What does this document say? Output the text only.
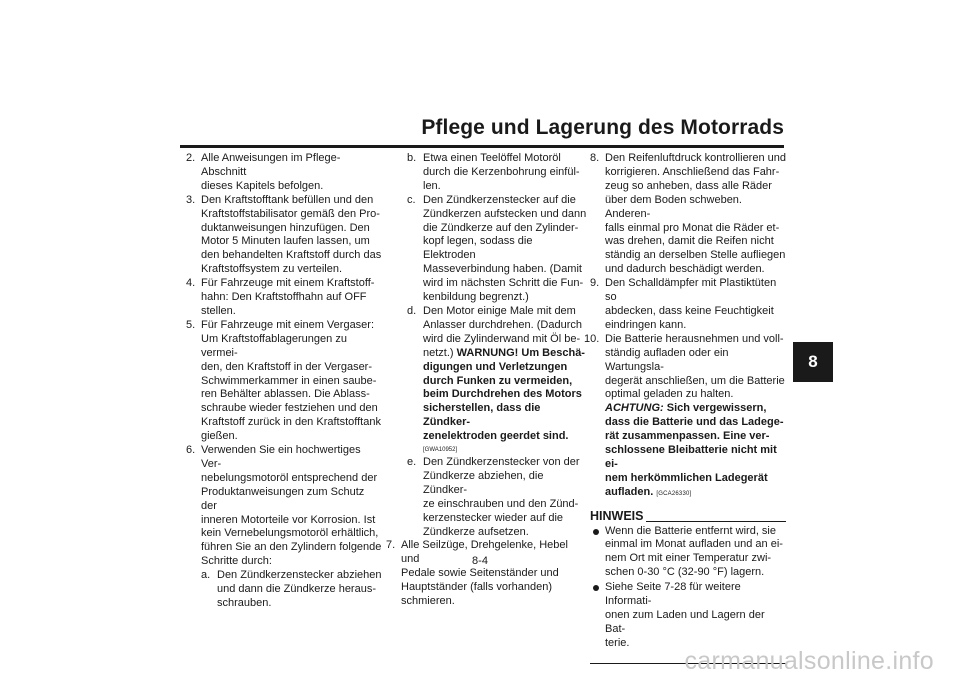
Pflege und Lagerung des Motorrads
8
2. Alle Anweisungen im Pflege-Abschnitt
dieses Kapitels befolgen.
3. Den Kraftstofftank befüllen und den
Kraftstoffstabilisator gemäß den Pro-
duktanweisungen hinzufügen. Den
Motor 5 Minuten laufen lassen, um
den behandelten Kraftstoff durch das
Kraftstoffsystem zu verteilen.
4. Für Fahrzeuge mit einem Kraftstoff-
hahn: Den Kraftstoffhahn auf OFF
stellen.
5. Für Fahrzeuge mit einem Vergaser:
Um Kraftstoffablagerungen zu vermei-
den, den Kraftstoff in der Vergaser-
Schwimmerkammer in einen saube-
ren Behälter ablassen. Die Ablass-
schraube wieder festziehen und den
Kraftstoff zurück in den Kraftstofftank
gießen.
6. Verwenden Sie ein hochwertiges Ver-
nebelungsmotoröl entsprechend der
Produktanweisungen zum Schutz der
inneren Motorteile vor Korrosion. Ist
kein Vernebelungsmotoröl erhältlich,
führen Sie an den Zylindern folgende
Schritte durch:
a. Den Zündkerzenstecker abziehen
und dann die Zündkerze heraus-
schrauben.
b. Etwa einen Teelöffel Motoröl
durch die Kerzenbohrung einfül-
len.
c. Den Zündkerzenstecker auf die
Zündkerzen aufstecken und dann
die Zündkerze auf den Zylinder-
kopf legen, sodass die Elektroden
Masseverbindung haben. (Damit
wird im nächsten Schritt die Fun-
kenbildung begrenzt.)
d. Den Motor einige Male mit dem
Anlasser durchdrehen. (Dadurch
wird die Zylinderwand mit Öl be-
netzt.) WARNUNG! Um Beschä-
digungen und Verletzungen
durch Funken zu vermeiden,
beim Durchdrehen des Motors
sicherstellen, dass die Zündker-
zenelektroden geerdet sind.
[GWA10952]
e. Den Zündkerzenstecker von der
Zündkerze abziehen, die Zündker-
ze einschrauben und den Zünd-
kerzenstecker wieder auf die
Zündkerze aufsetzen.
7. Alle Seilzüge, Drehgelenke, Hebel und
Pedale sowie Seitenständer und
Hauptständer (falls vorhanden)
schmieren.
8. Den Reifenluftdruck kontrollieren und
korrigieren. Anschließend das Fahr-
zeug so anheben, dass alle Räder
über dem Boden schweben. Anderen-
falls einmal pro Monat die Räder et-
was drehen, damit die Reifen nicht
ständig an derselben Stelle aufliegen
und dadurch beschädigt werden.
9. Den Schalldämpfer mit Plastiktüten so
abdecken, dass keine Feuchtigkeit
eindringen kann.
10. Die Batterie herausnehmen und voll-
ständig aufladen oder ein Wartungsla-
degerät anschließen, um die Batterie
optimal geladen zu halten.
ACHTUNG: Sich vergewissern,
dass die Batterie und das Ladege-
rät zusammenpassen. Eine ver-
schlossene Bleibatterie nicht mit ei-
nem herkömmlichen Ladegerät
aufladen. [GCA26330]
HINWEIS
Wenn die Batterie entfernt wird, sie
einmal im Monat aufladen und an ei-
nem Ort mit einer Temperatur zwi-
schen 0-30 °C (32-90 °F) lagern.
Siehe Seite 7-28 für weitere Informati-
onen zum Laden und Lagern der Bat-
terie.
8-4
carmanualsonline.info
